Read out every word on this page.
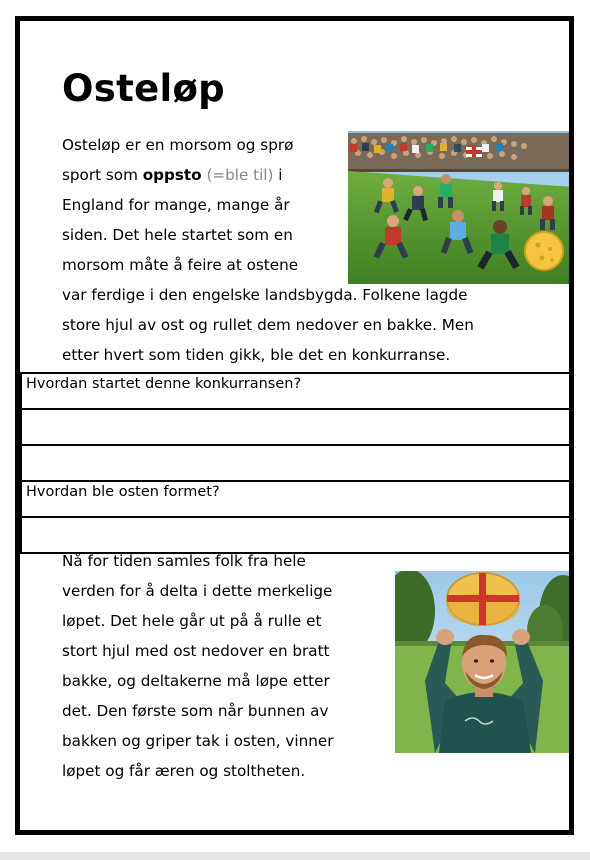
Osteløp
Osteløp er en morsom og sprø
sport som oppsto (=ble til) i
England for mange, mange år
siden. Det hele startet som en
morsom måte å feire at ostene
var ferdige i den engelske landsbygda. Folkene lagde
store hjul av ost og rullet dem nedover en bakke. Men
etter hvert som tiden gikk, ble det en konkurranse.
Hvordan startet denne konkurransen?
Hvordan ble osten formet?
Nå for tiden samles folk fra hele
verden for å delta i dette merkelige
løpet. Det hele går ut på å rulle et
stort hjul med ost nedover en bratt
bakke, og deltakerne må løpe etter
det. Den første som når bunnen av
bakken og griper tak i osten, vinner
løpet og får æren og stoltheten.
